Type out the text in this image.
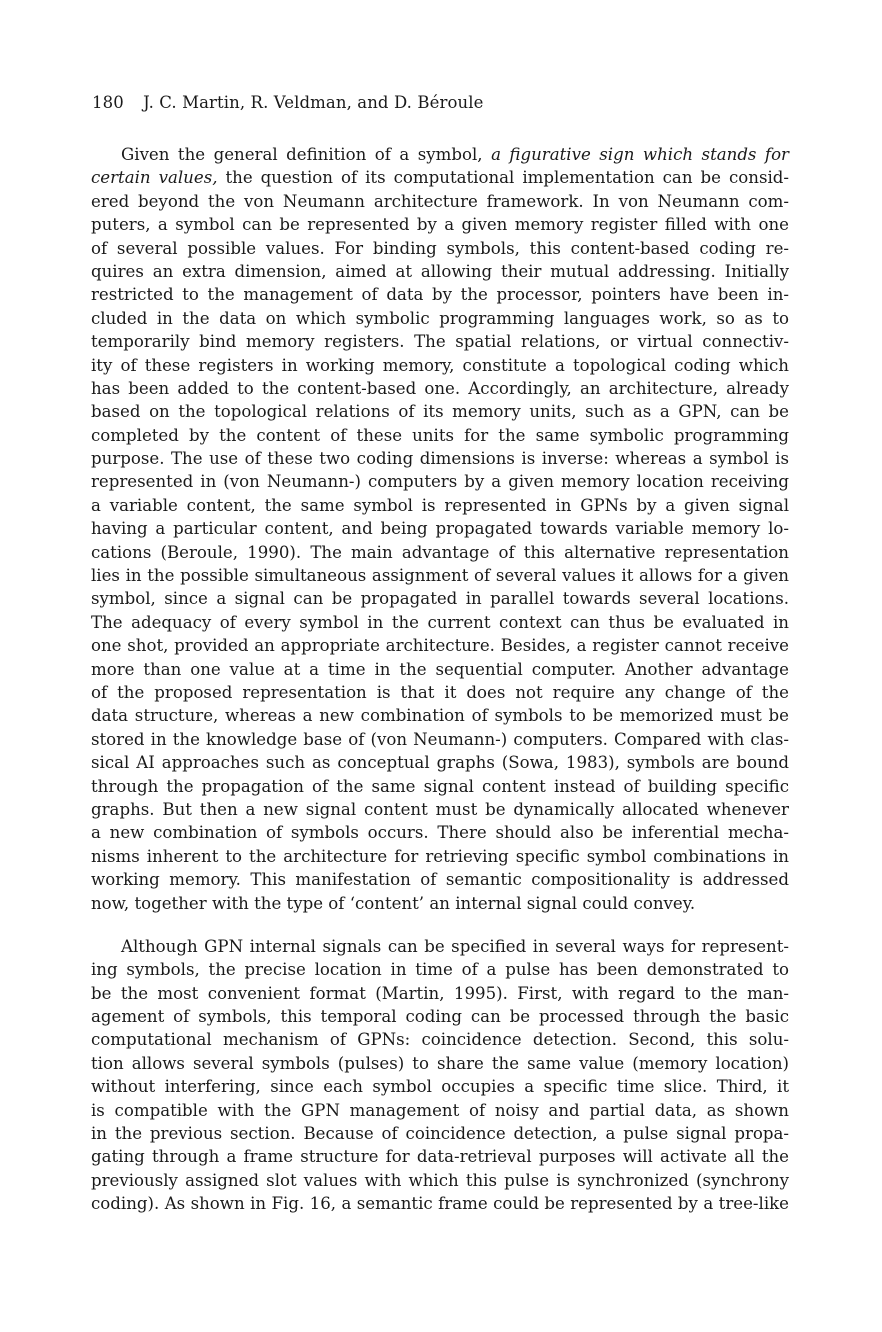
180 J. C. Martin, R. Veldman, and D. Béroule
Given the general definition of a symbol, a figurative sign which stands for
certain values, the question of its computational implementation can be consid-
ered beyond the von Neumann architecture framework. In von Neumann com-
puters, a symbol can be represented by a given memory register filled with one
of several possible values. For binding symbols, this content-based coding re-
quires an extra dimension, aimed at allowing their mutual addressing. Initially
restricted to the management of data by the processor, pointers have been in-
cluded in the data on which symbolic programming languages work, so as to
temporarily bind memory registers. The spatial relations, or virtual connectiv-
ity of these registers in working memory, constitute a topological coding which
has been added to the content-based one. Accordingly, an architecture, already
based on the topological relations of its memory units, such as a GPN, can be
completed by the content of these units for the same symbolic programming
purpose. The use of these two coding dimensions is inverse: whereas a symbol is
represented in (von Neumann-) computers by a given memory location receiving
a variable content, the same symbol is represented in GPNs by a given signal
having a particular content, and being propagated towards variable memory lo-
cations (Beroule, 1990). The main advantage of this alternative representation
lies in the possible simultaneous assignment of several values it allows for a given
symbol, since a signal can be propagated in parallel towards several locations.
The adequacy of every symbol in the current context can thus be evaluated in
one shot, provided an appropriate architecture. Besides, a register cannot receive
more than one value at a time in the sequential computer. Another advantage
of the proposed representation is that it does not require any change of the
data structure, whereas a new combination of symbols to be memorized must be
stored in the knowledge base of (von Neumann-) computers. Compared with clas-
sical AI approaches such as conceptual graphs (Sowa, 1983), symbols are bound
through the propagation of the same signal content instead of building specific
graphs. But then a new signal content must be dynamically allocated whenever
a new combination of symbols occurs. There should also be inferential mecha-
nisms inherent to the architecture for retrieving specific symbol combinations in
working memory. This manifestation of semantic compositionality is addressed
now, together with the type of ‘content’ an internal signal could convey.
Although GPN internal signals can be specified in several ways for represent-
ing symbols, the precise location in time of a pulse has been demonstrated to
be the most convenient format (Martin, 1995). First, with regard to the man-
agement of symbols, this temporal coding can be processed through the basic
computational mechanism of GPNs: coincidence detection. Second, this solu-
tion allows several symbols (pulses) to share the same value (memory location)
without interfering, since each symbol occupies a specific time slice. Third, it
is compatible with the GPN management of noisy and partial data, as shown
in the previous section. Because of coincidence detection, a pulse signal propa-
gating through a frame structure for data-retrieval purposes will activate all the
previously assigned slot values with which this pulse is synchronized (synchrony
coding). As shown in Fig. 16, a semantic frame could be represented by a tree-like
